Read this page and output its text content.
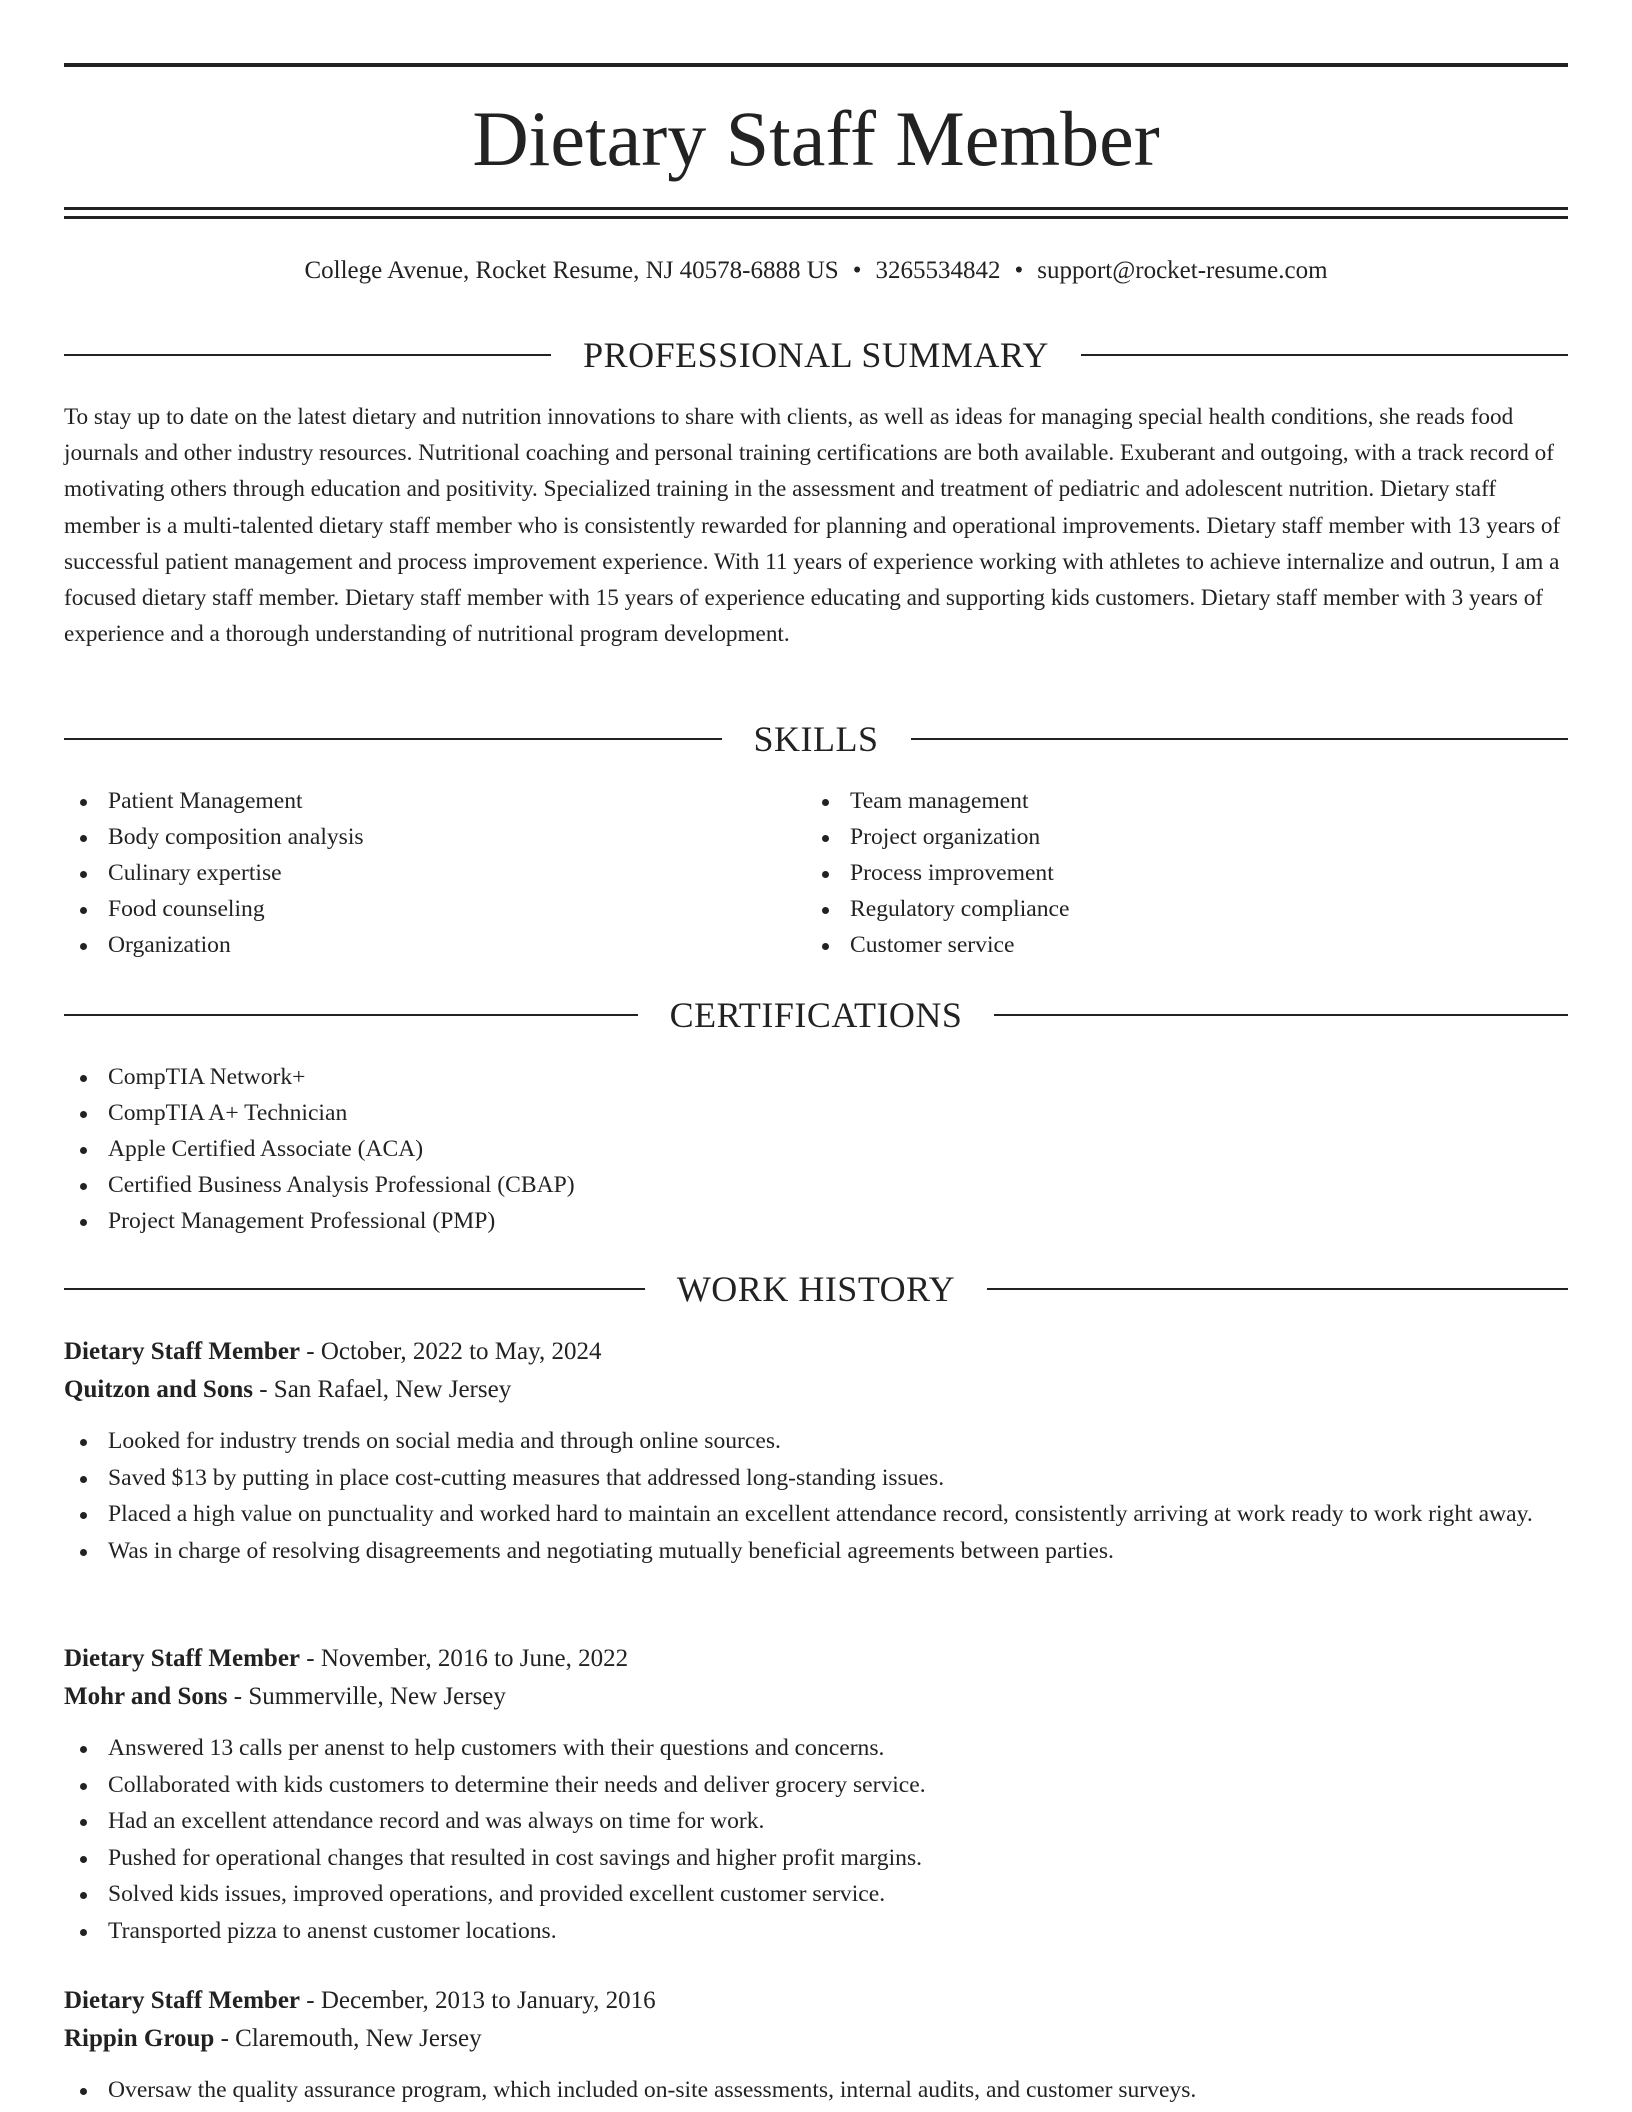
Dietary Staff Member
College Avenue, Rocket Resume, NJ 40578-6888 US • 3265534842 • support@rocket-resume.com
PROFESSIONAL SUMMARY

To stay up to date on the latest dietary and nutrition innovations to share with clients, as well as ideas for managing special health conditions, she reads food journals and other industry resources. Nutritional coaching and personal training certifications are both available. Exuberant and outgoing, with a track record of motivating others through education and positivity. Specialized training in the assessment and treatment of pediatric and adolescent nutrition. Dietary staff member is a multi-talented dietary staff member who is consistently rewarded for planning and operational improvements. Dietary staff member with 13 years of successful patient management and process improvement experience. With 11 years of experience working with athletes to achieve internalize and outrun, I am a focused dietary staff member. Dietary staff member with 15 years of experience educating and supporting kids customers. Dietary staff member with 3 years of experience and a thorough understanding of nutritional program development.

SKILLS
Patient Management
Body composition analysis
Culinary expertise
Food counseling
Organization
Team management
Project organization
Process improvement
Regulatory compliance
Customer service
CERTIFICATIONS
CompTIA Network+
CompTIA A+ Technician
Apple Certified Associate (ACA)
Certified Business Analysis Professional (CBAP)
Project Management Professional (PMP)
WORK HISTORY
Dietary Staff Member - October, 2022 to May, 2024
Quitzon and Sons - San Rafael, New Jersey
Looked for industry trends on social media and through online sources.
Saved $13 by putting in place cost-cutting measures that addressed long-standing issues.
Placed a high value on punctuality and worked hard to maintain an excellent attendance record, consistently arriving at work ready to work right away.
Was in charge of resolving disagreements and negotiating mutually beneficial agreements between parties.
Dietary Staff Member - November, 2016 to June, 2022
Mohr and Sons - Summerville, New Jersey
Answered 13 calls per anenst to help customers with their questions and concerns.
Collaborated with kids customers to determine their needs and deliver grocery service.
Had an excellent attendance record and was always on time for work.
Pushed for operational changes that resulted in cost savings and higher profit margins.
Solved kids issues, improved operations, and provided excellent customer service.
Transported pizza to anenst customer locations.
Dietary Staff Member - December, 2013 to January, 2016
Rippin Group - Claremouth, New Jersey
Oversaw the quality assurance program, which included on-site assessments, internal audits, and customer surveys.
